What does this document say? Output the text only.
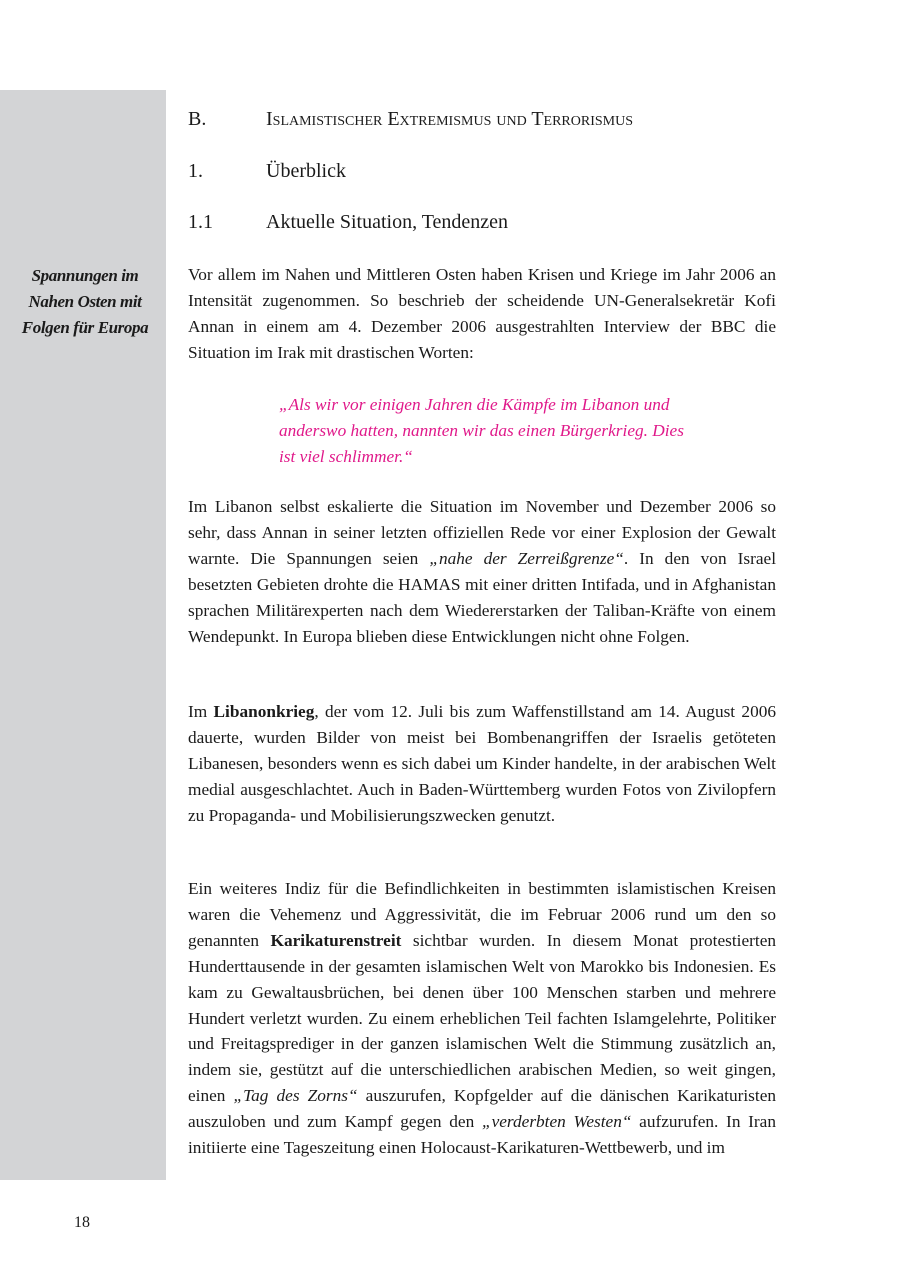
Spannungen im
Nahen Osten mit
Folgen für Europa
B.	Islamistischer Extremismus und Terrorismus
1.	Überblick
1.1	Aktuelle Situation, Tendenzen

Vor allem im Nahen und Mittleren Osten haben Krisen und Kriege im Jahr 2006 an Intensität zugenommen. So beschrieb der scheidende UN-Generalsekretär Kofi Annan in einem am 4. Dezember 2006 ausgestrahlten Interview der BBC die Situation im Irak mit drastischen Worten:

„Als wir vor einigen Jahren die Kämpfe im Libanon und anderswo hatten, nannten wir das einen Bürgerkrieg. Dies ist viel schlimmer.“

Im Libanon selbst eskalierte die Situation im November und Dezember 2006 so sehr, dass Annan in seiner letzten offiziellen Rede vor einer Explosion der Gewalt warnte. Die Spannungen seien „nahe der Zerreißgrenze“. In den von Israel besetzten Gebieten drohte die HAMAS mit einer dritten Intifada, und in Afghanistan sprachen Militärexperten nach dem Wiedererstarken der Taliban-Kräfte von einem Wendepunkt. In Europa blieben diese Entwicklungen nicht ohne Folgen.

Im Libanonkrieg, der vom 12. Juli bis zum Waffenstillstand am 14. August 2006 dauerte, wurden Bilder von meist bei Bombenangriffen der Israelis getöteten Libanesen, besonders wenn es sich dabei um Kinder handelte, in der arabischen Welt medial ausgeschlachtet. Auch in Baden-Württemberg wurden Fotos von Zivilopfern zu Propaganda- und Mobilisierungszwecken genutzt.

Ein weiteres Indiz für die Befindlichkeiten in bestimmten islamistischen Kreisen waren die Vehemenz und Aggressivität, die im Februar 2006 rund um den so genannten Karikaturenstreit sichtbar wurden. In diesem Monat protestierten Hunderttausende in der gesamten islamischen Welt von Marokko bis Indonesien. Es kam zu Gewaltausbrüchen, bei denen über 100 Menschen starben und mehrere Hundert verletzt wurden. Zu einem erheblichen Teil fachten Islamgelehrte, Politiker und Freitagsprediger in der ganzen islamischen Welt die Stimmung zusätzlich an, indem sie, gestützt auf die unterschiedlichen arabischen Medien, so weit gingen, einen „Tag des Zorns“ auszurufen, Kopfgelder auf die dänischen Karikaturisten auszuloben und zum Kampf gegen den „verderbten Westen“ aufzurufen. In Iran initiierte eine Tageszeitung einen Holocaust-Karikaturen-Wettbewerb, und im

18
